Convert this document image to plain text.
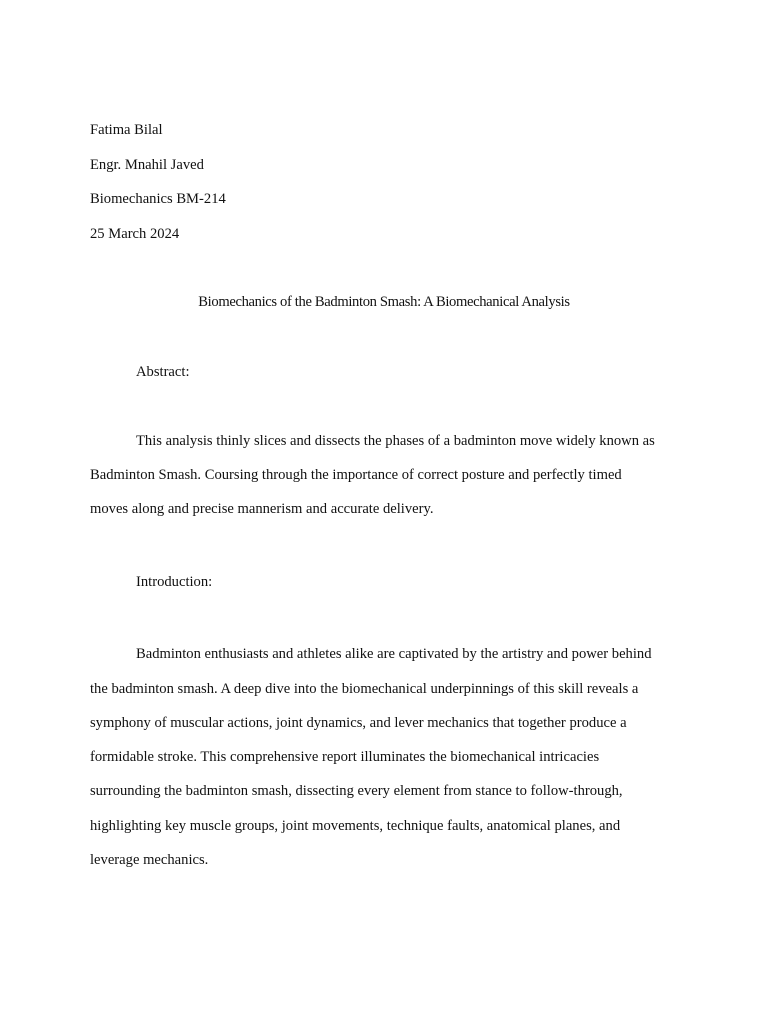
Fatima Bilal
Engr. Mnahil Javed
Biomechanics BM-214
25 March 2024
Biomechanics of the Badminton Smash: A Biomechanical Analysis
Abstract:
This analysis thinly slices and dissects the phases of a badminton move widely known as
Badminton Smash. Coursing through the importance of correct posture and perfectly timed
moves along and precise mannerism and accurate delivery.
Introduction:
Badminton enthusiasts and athletes alike are captivated by the artistry and power behind
the badminton smash. A deep dive into the biomechanical underpinnings of this skill reveals a
symphony of muscular actions, joint dynamics, and lever mechanics that together produce a
formidable stroke. This comprehensive report illuminates the biomechanical intricacies
surrounding the badminton smash, dissecting every element from stance to follow-through,
highlighting key muscle groups, joint movements, technique faults, anatomical planes, and
leverage mechanics.
